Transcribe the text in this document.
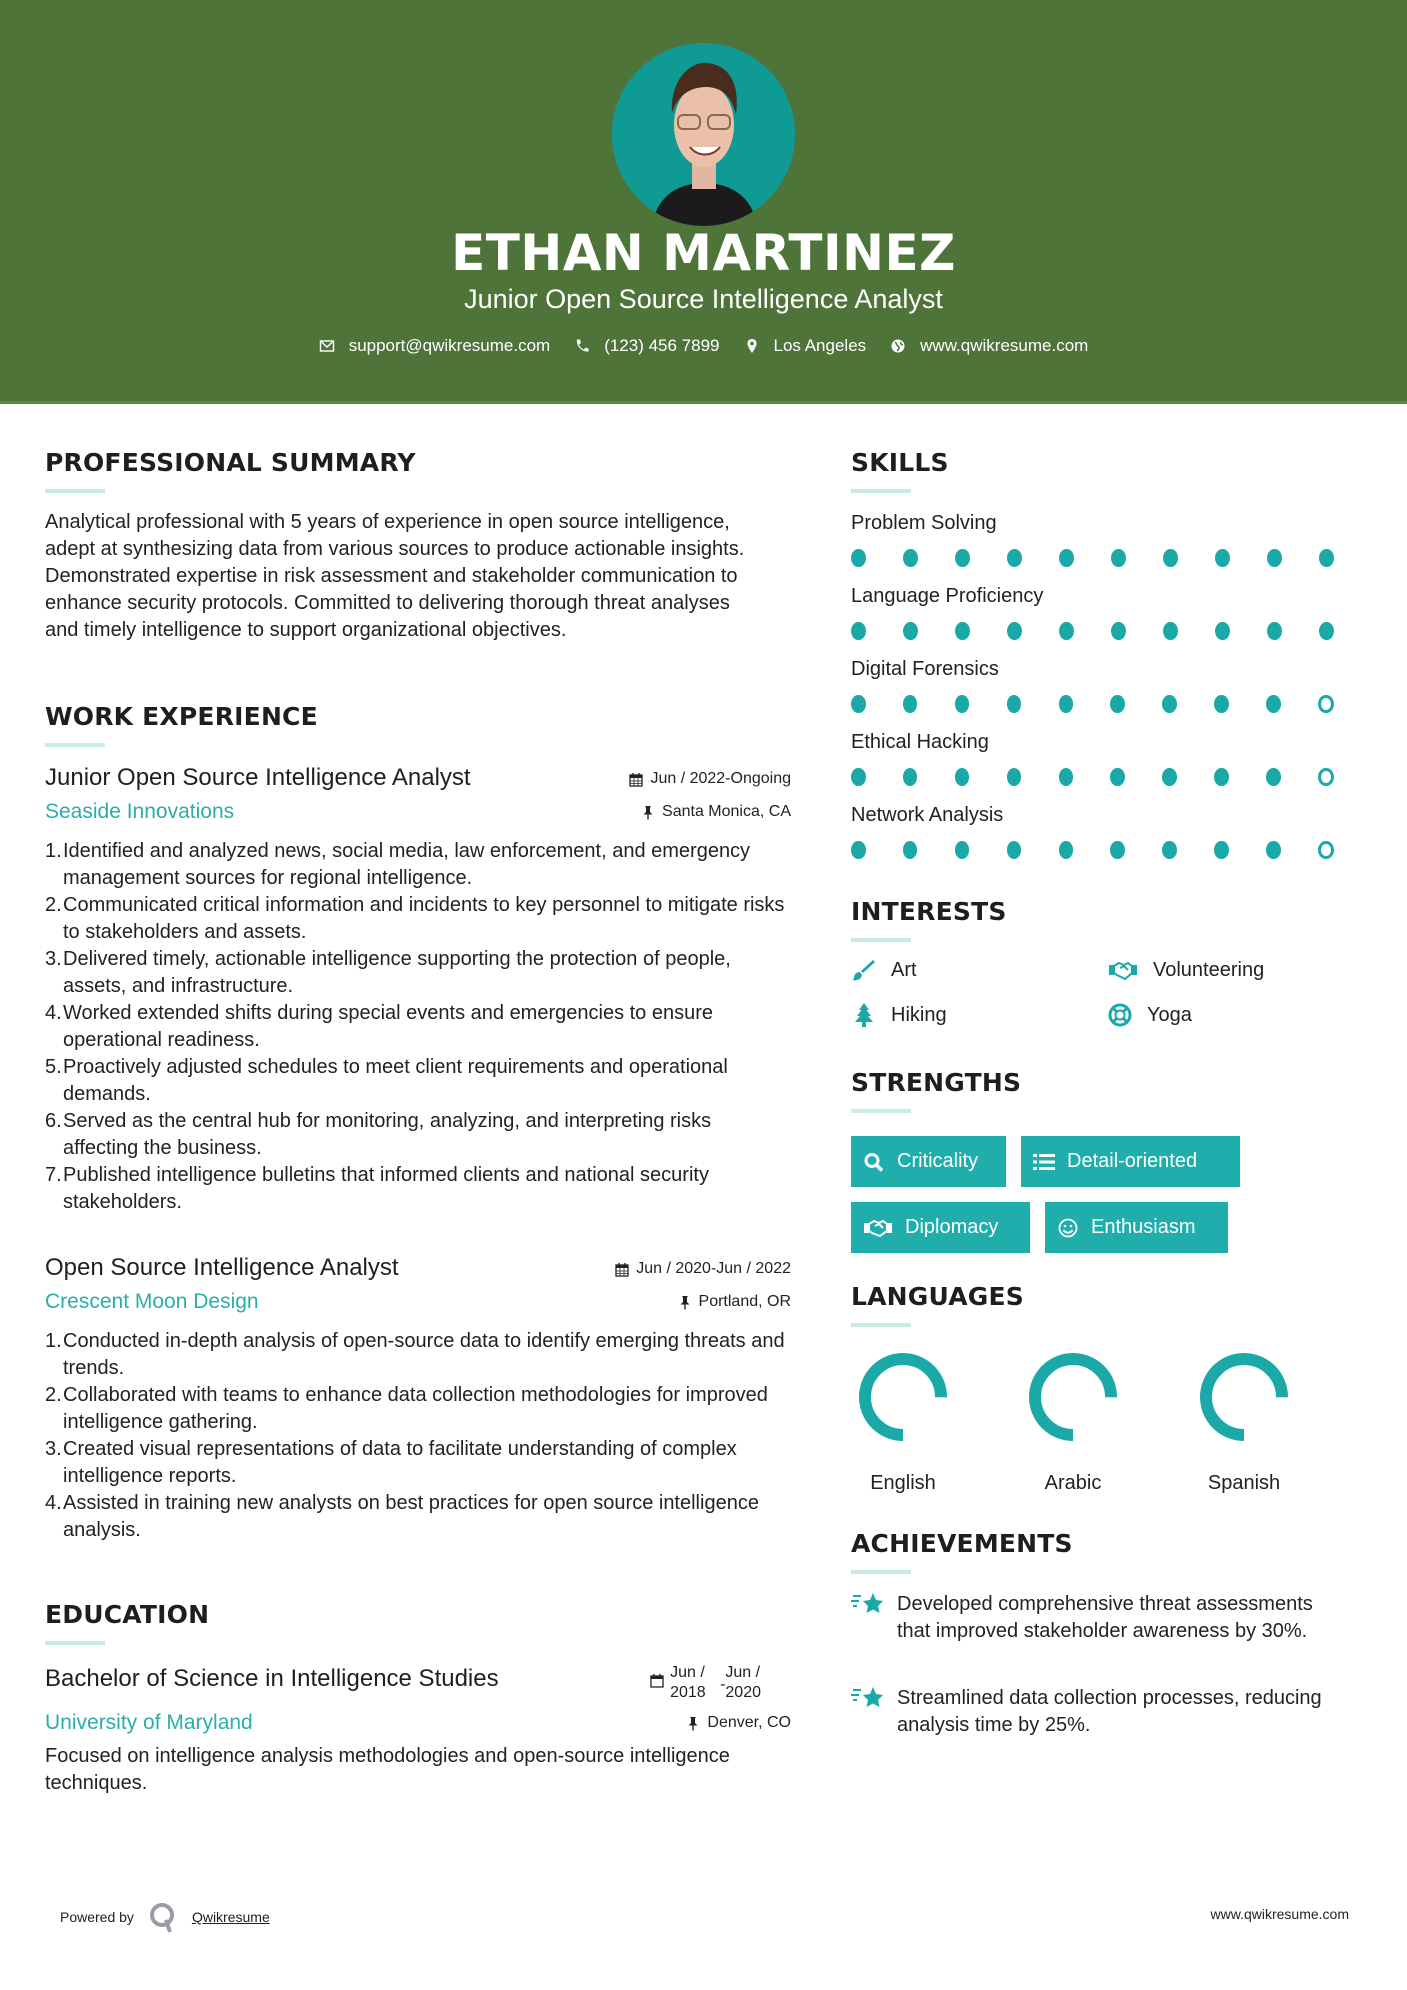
ETHAN MARTINEZ
Junior Open Source Intelligence Analyst
support@qwikresume.com	(123) 456 7899	Los Angeles	www.qwikresume.com
PROFESSIONAL SUMMARY
Analytical professional with 5 years of experience in open source intelligence, adept at synthesizing data from various sources to produce actionable insights. Demonstrated expertise in risk assessment and stakeholder communication to enhance security protocols. Committed to delivering thorough threat analyses and timely intelligence to support organizational objectives.
WORK EXPERIENCE
Junior Open Source Intelligence Analyst	Jun / 2022-Ongoing
Seaside Innovations	Santa Monica, CA
1. Identified and analyzed news, social media, law enforcement, and emergency management sources for regional intelligence.
2. Communicated critical information and incidents to key personnel to mitigate risks to stakeholders and assets.
3. Delivered timely, actionable intelligence supporting the protection of people, assets, and infrastructure.
4. Worked extended shifts during special events and emergencies to ensure operational readiness.
5. Proactively adjusted schedules to meet client requirements and operational demands.
6. Served as the central hub for monitoring, analyzing, and interpreting risks affecting the business.
7. Published intelligence bulletins that informed clients and national security stakeholders.
Open Source Intelligence Analyst	Jun / 2020-Jun / 2022
Crescent Moon Design	Portland, OR
1. Conducted in-depth analysis of open-source data to identify emerging threats and trends.
2. Collaborated with teams to enhance data collection methodologies for improved intelligence gathering.
3. Created visual representations of data to facilitate understanding of complex intelligence reports.
4. Assisted in training new analysts on best practices for open source intelligence analysis.
EDUCATION
Bachelor of Science in Intelligence Studies	Jun /
2018 -
Jun /
2020
University of Maryland	Denver, CO
Focused on intelligence analysis methodologies and open-source intelligence techniques.
SKILLS
Problem Solving
Language Proficiency
Digital Forensics
Ethical Hacking
Network Analysis
INTERESTS
Art	Volunteering
Hiking	Yoga
STRENGTHS
Criticality	Detail-oriented
Diplomacy	Enthusiasm
LANGUAGES
English	Arabic	Spanish
ACHIEVEMENTS
Developed comprehensive threat assessments that improved stakeholder awareness by 30%.
Streamlined data collection processes, reducing analysis time by 25%.
Powered by	Qwikresume	www.qwikresume.com
